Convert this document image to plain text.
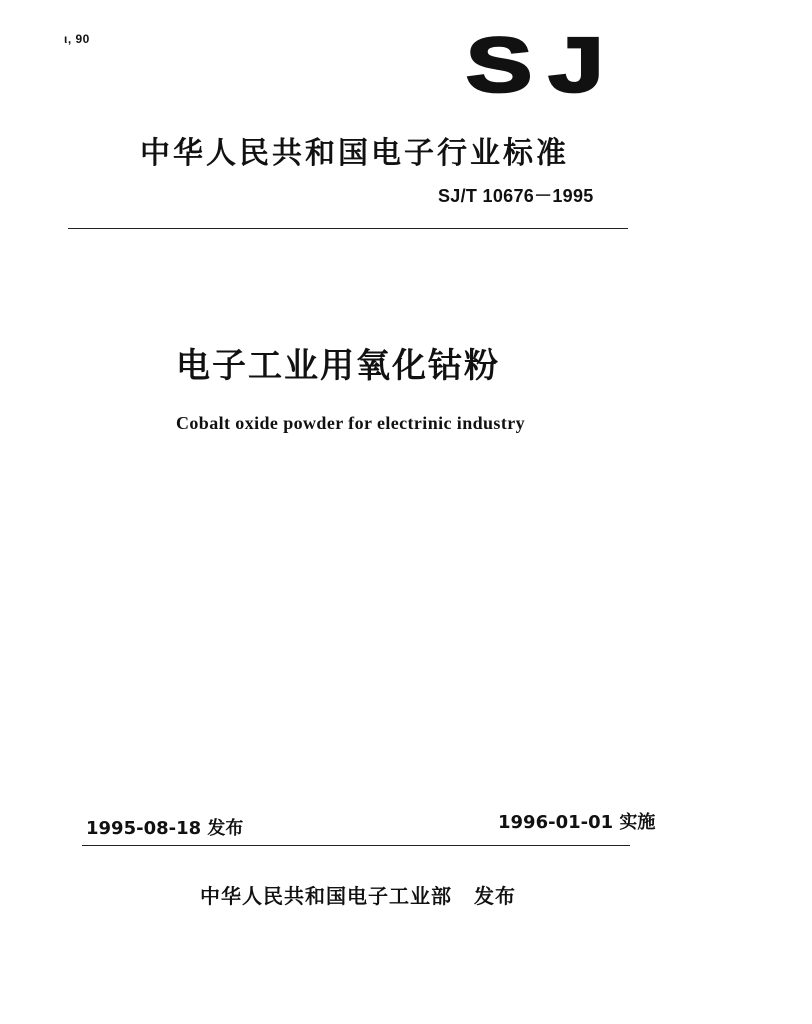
ι, 90	SJ
中华人民共和国电子行业标准
SJ/T 10676－1995
电子工业用氧化钴粉
Cobalt oxide powder for electrinic industry
1995-08-18 发布	1996-01-01 实施
中华人民共和国电子工业部 发布
